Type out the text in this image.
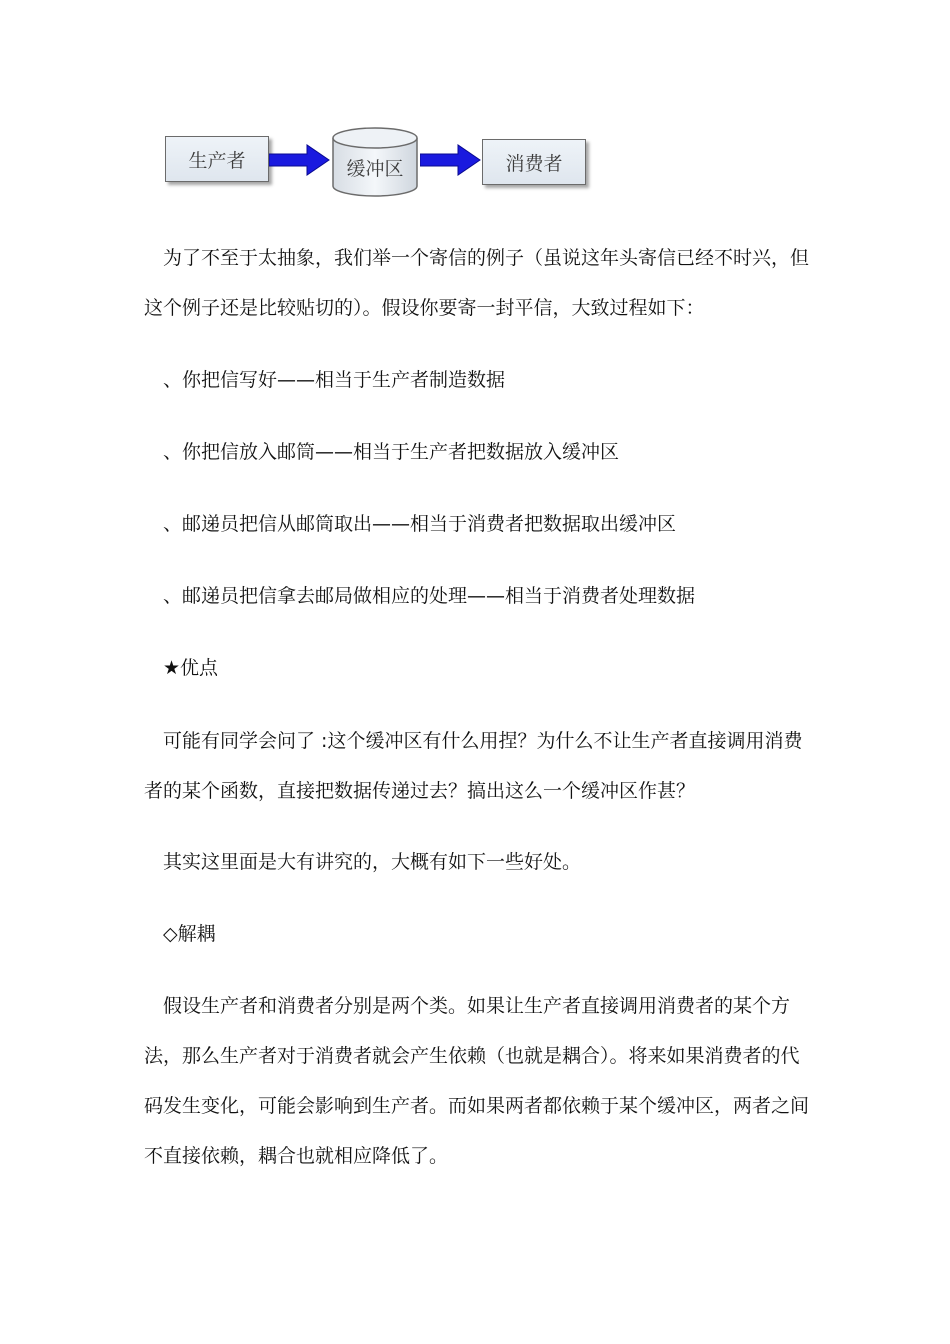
生产者	缓冲区	消费者

　为了不至于太抽象，我们举一个寄信的例子（虽说这年头寄信已经不时兴，但这个例子还是比较贴切的）。假设你要寄一封平信，大致过程如下：

　、你把信写好——相当于生产者制造数据

　、你把信放入邮筒——相当于生产者把数据放入缓冲区

　、邮递员把信从邮筒取出——相当于消费者把数据取出缓冲区

　、邮递员把信拿去邮局做相应的处理——相当于消费者处理数据

　★优点

　可能有同学会问了 :这个缓冲区有什么用捏？为什么不让生产者直接调用消费者的某个函数，直接把数据传递过去？搞出这么一个缓冲区作甚？

　其实这里面是大有讲究的，大概有如下一些好处。

　◇解耦

　假设生产者和消费者分别是两个类。如果让生产者直接调用消费者的某个方法，那么生产者对于消费者就会产生依赖（也就是耦合）。将来如果消费者的代码发生变化，可能会影响到生产者。而如果两者都依赖于某个缓冲区，两者之间不直接依赖，耦合也就相应降低了。
